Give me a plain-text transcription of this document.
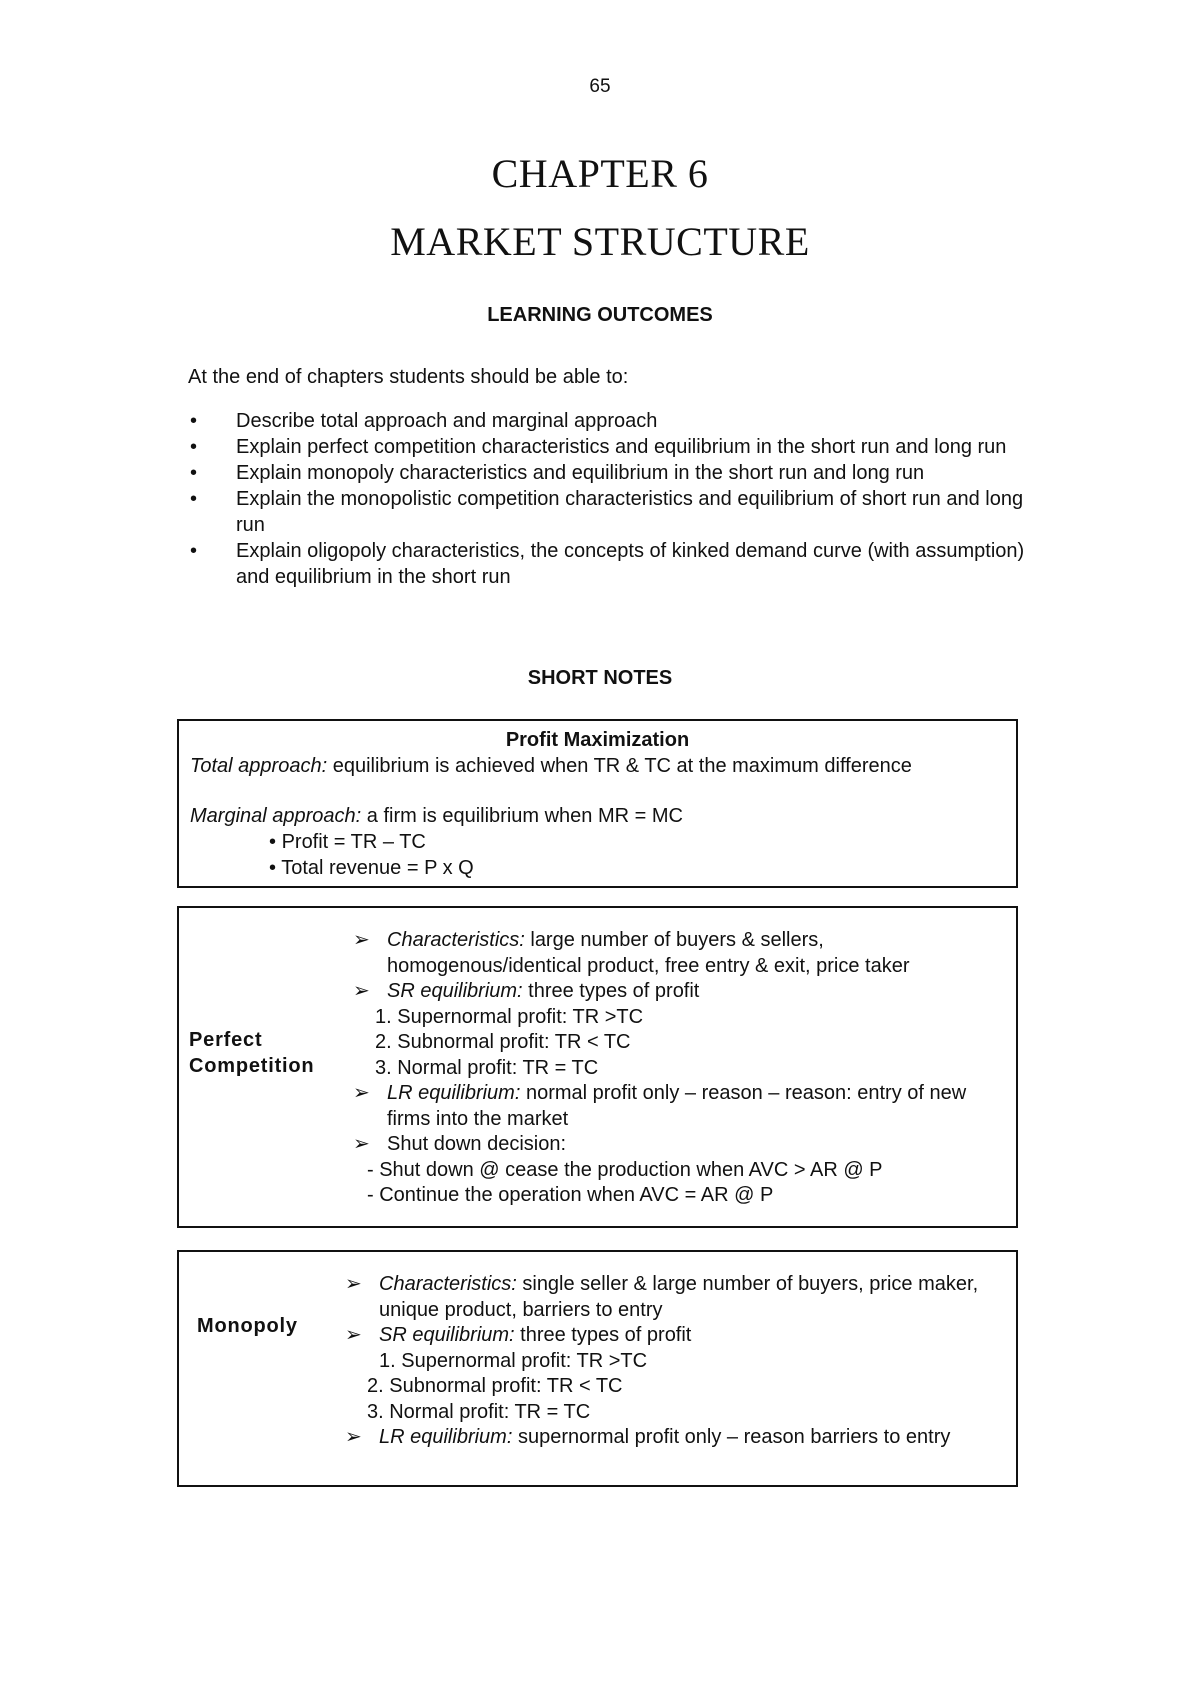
65
CHAPTER 6
MARKET STRUCTURE
LEARNING OUTCOMES
At the end of chapters students should be able to:
• Describe total approach and marginal approach
• Explain perfect competition characteristics and equilibrium in the short run and long run
• Explain monopoly characteristics and equilibrium in the short run and long run
• Explain the monopolistic competition characteristics and equilibrium of short run and long run
• Explain oligopoly characteristics, the concepts of kinked demand curve (with assumption) and equilibrium in the short run
SHORT NOTES
Profit Maximization
Total approach: equilibrium is achieved when TR & TC at the maximum difference
Marginal approach: a firm is equilibrium when MR = MC
• Profit = TR – TC
• Total revenue = P x Q
Perfect
Competition
➢ Characteristics: large number of buyers & sellers, homogenous/identical product, free entry & exit, price taker
➢ SR equilibrium: three types of profit
1. Supernormal profit: TR >TC
2. Subnormal profit: TR < TC
3. Normal profit: TR = TC
➢ LR equilibrium: normal profit only – reason – reason: entry of new firms into the market
➢ Shut down decision:
- Shut down @ cease the production when AVC > AR @ P
- Continue the operation when AVC = AR @ P
Monopoly
➢ Characteristics: single seller & large number of buyers, price maker, unique product, barriers to entry
➢ SR equilibrium: three types of profit
1. Supernormal profit: TR >TC
2. Subnormal profit: TR < TC
3. Normal profit: TR = TC
➢ LR equilibrium: supernormal profit only – reason barriers to entry
